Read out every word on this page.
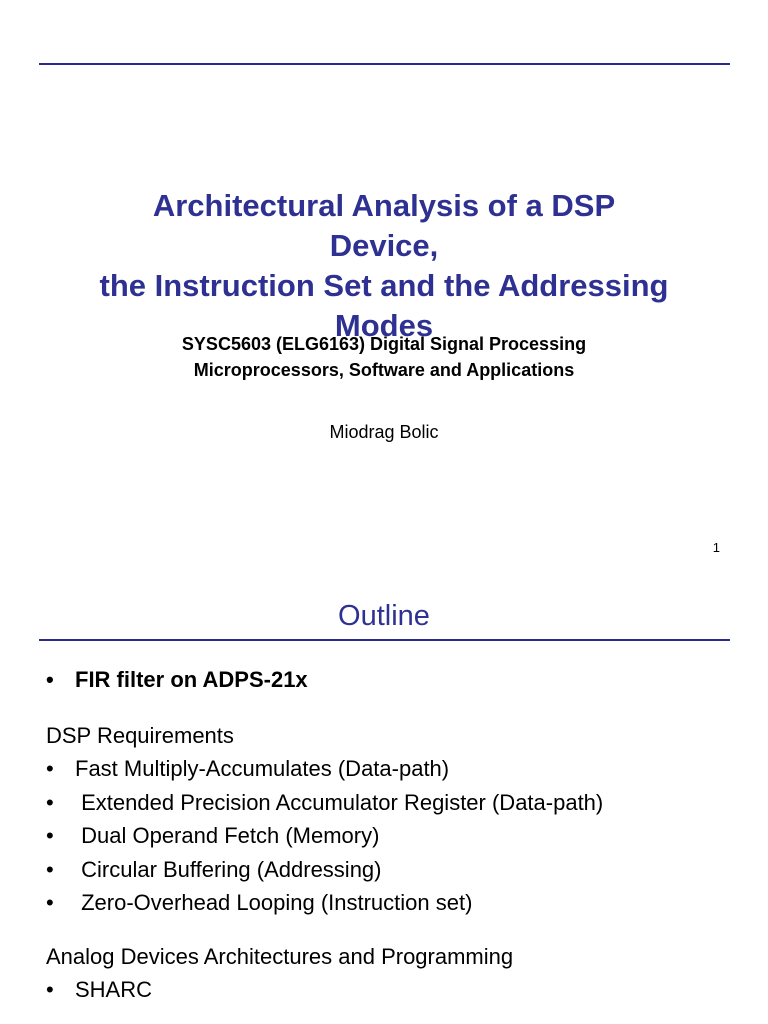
Architectural Analysis of a DSP
Device,
the Instruction Set and the Addressing
Modes

SYSC5603 (ELG6163) Digital Signal Processing
Microprocessors, Software and Applications

Miodrag Bolic
1
Outline
• FIR filter on ADPS-21x
DSP Requirements
• Fast Multiply-Accumulates (Data-path)
• Extended Precision Accumulator Register (Data-path)
• Dual Operand Fetch (Memory)
• Circular Buffering (Addressing)
• Zero-Overhead Looping (Instruction set)
Analog Devices Architectures and Programming
• SHARC
